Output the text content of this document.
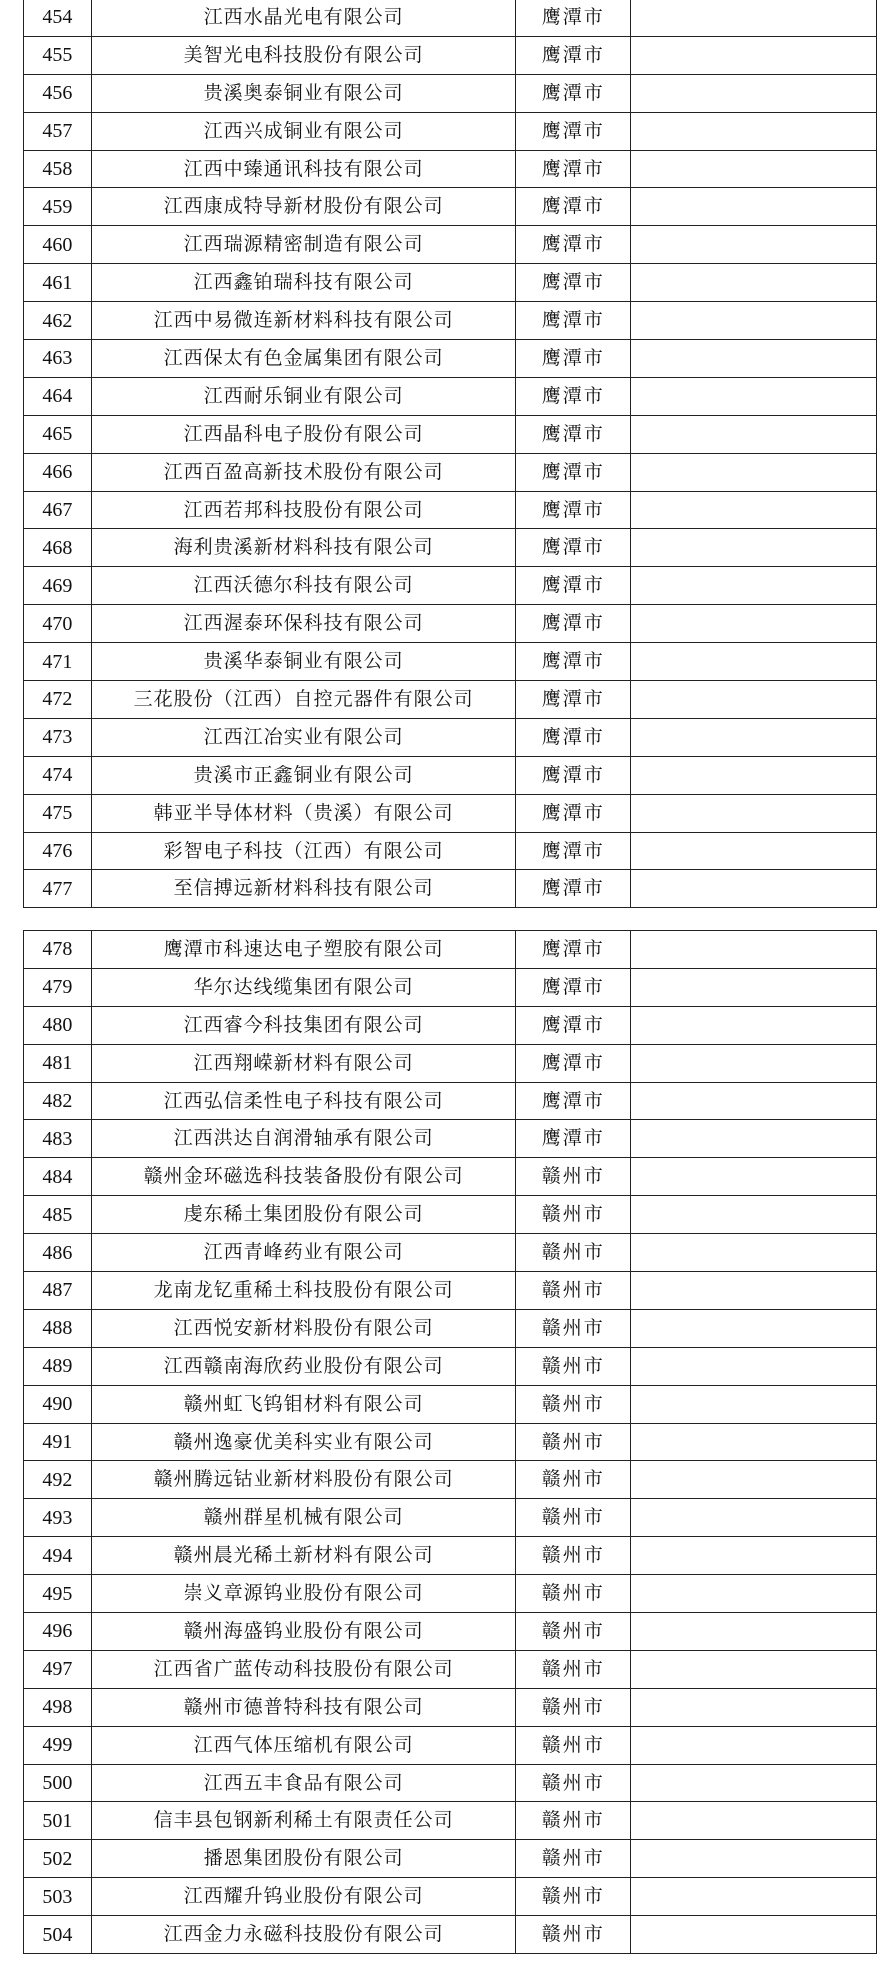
454	江西水晶光电有限公司	鹰潭市	
455	美智光电科技股份有限公司	鹰潭市	
456	贵溪奥泰铜业有限公司	鹰潭市	
457	江西兴成铜业有限公司	鹰潭市	
458	江西中臻通讯科技有限公司	鹰潭市	
459	江西康成特导新材股份有限公司	鹰潭市	
460	江西瑞源精密制造有限公司	鹰潭市	
461	江西鑫铂瑞科技有限公司	鹰潭市	
462	江西中易微连新材料科技有限公司	鹰潭市	
463	江西保太有色金属集团有限公司	鹰潭市	
464	江西耐乐铜业有限公司	鹰潭市	
465	江西晶科电子股份有限公司	鹰潭市	
466	江西百盈高新技术股份有限公司	鹰潭市	
467	江西若邦科技股份有限公司	鹰潭市	
468	海利贵溪新材料科技有限公司	鹰潭市	
469	江西沃德尔科技有限公司	鹰潭市	
470	江西渥泰环保科技有限公司	鹰潭市	
471	贵溪华泰铜业有限公司	鹰潭市	
472	三花股份（江西）自控元器件有限公司	鹰潭市	
473	江西江冶实业有限公司	鹰潭市	
474	贵溪市正鑫铜业有限公司	鹰潭市	
475	韩亚半导体材料（贵溪）有限公司	鹰潭市	
476	彩智电子科技（江西）有限公司	鹰潭市	
477	至信搏远新材料科技有限公司	鹰潭市	
478	鹰潭市科速达电子塑胶有限公司	鹰潭市	
479	华尔达线缆集团有限公司	鹰潭市	
480	江西睿今科技集团有限公司	鹰潭市	
481	江西翔嵘新材料有限公司	鹰潭市	
482	江西弘信柔性电子科技有限公司	鹰潭市	
483	江西洪达自润滑轴承有限公司	鹰潭市	
484	赣州金环磁选科技装备股份有限公司	赣州市	
485	虔东稀土集团股份有限公司	赣州市	
486	江西青峰药业有限公司	赣州市	
487	龙南龙钇重稀土科技股份有限公司	赣州市	
488	江西悦安新材料股份有限公司	赣州市	
489	江西赣南海欣药业股份有限公司	赣州市	
490	赣州虹飞钨钼材料有限公司	赣州市	
491	赣州逸豪优美科实业有限公司	赣州市	
492	赣州腾远钴业新材料股份有限公司	赣州市	
493	赣州群星机械有限公司	赣州市	
494	赣州晨光稀土新材料有限公司	赣州市	
495	崇义章源钨业股份有限公司	赣州市	
496	赣州海盛钨业股份有限公司	赣州市	
497	江西省广蓝传动科技股份有限公司	赣州市	
498	赣州市德普特科技有限公司	赣州市	
499	江西气体压缩机有限公司	赣州市	
500	江西五丰食品有限公司	赣州市	
501	信丰县包钢新利稀土有限责任公司	赣州市	
502	播恩集团股份有限公司	赣州市	
503	江西耀升钨业股份有限公司	赣州市	
504	江西金力永磁科技股份有限公司	赣州市	
